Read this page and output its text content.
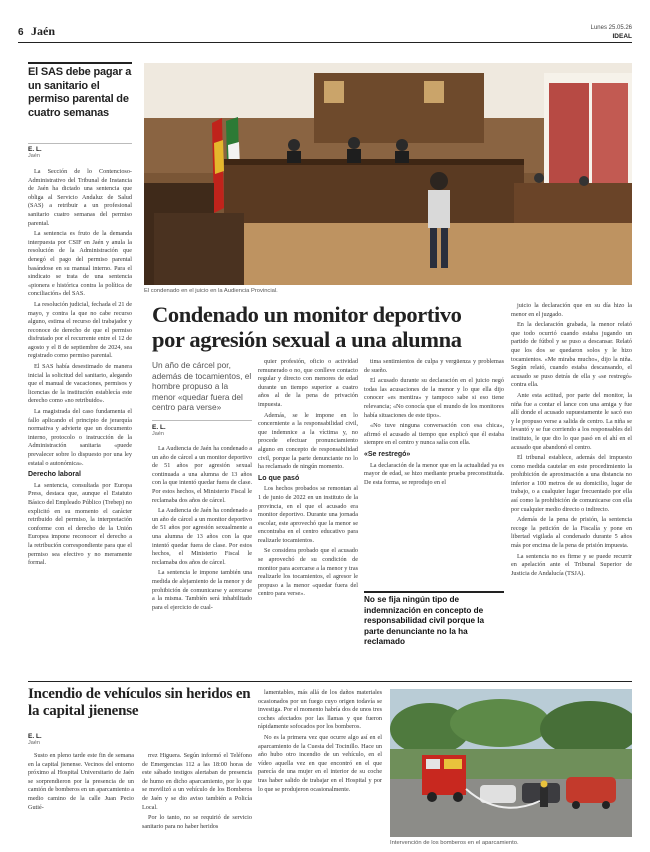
6 Jaén	Lunes 25.05.26
IDEAL
El SAS debe pagar a un sanitario el permiso parental de cuatro semanas
E. L.
Jaén

La Sección de lo Contencioso-Administrativo del Tribunal de Instancia de Jaén ha dictado una sentencia que obliga al Servicio Andaluz de Salud (SAS) a retribuir a un profesional sanitario cuatro semanas del permiso parental.

La sentencia es fruto de la demanda interpuesta por CSIF en Jaén y anula la resolución de la Administración que denegó el pago del permiso parental basándose en su manual interno. Para el sindicato se trata de una sentencia «pionera e histórica contra la política de conciliación» del SAS.

La resolución judicial, fechada el 21 de mayo, y contra la que no cabe recurso alguno, estima el recurso del trabajador y reconoce de derecho de que el permiso disfrutado por el recurrente entre el 12 de agosto y el 8 de septiembre de 2024, sea registrado como permiso parental.

El SAS había desestimado de manera inicial la solicitud del sanitario, alegando que el manual de vacaciones, permisos y licencias de la institución establecía este derecho como «no retribuido».

La magistrada del caso fundamenta el fallo aplicando el principio de jerarquía normativa y advierte que un documento interno, protocolo o instrucción de la Administración sanitaria «puede prevalecer sobre lo dispuesto por una ley estatal o autonómica».

Derecho laboral

La sentencia, consultada por Europa Press, destaca que, aunque el Estatuto Básico del Empleado Público (Trebep) no explicitó en su momento el carácter retribuido del permiso, la interpretación conforme con el derecho de la Unión Europea impone reconocer el derecho a la retribución correspondiente para que el permiso sea efectivo y no meramente formal.

El condenado en el juicio en la Audiencia Provincial.
Condenado un monitor deportivo
por agresión sexual a una alumna
Un año de cárcel por, además de tocamientos, el hombre propuso a la menor «quedar fuera del centro para verse»
E. L.
Jaén

La Audiencia de Jaén ha condenado a un año de cárcel a un monitor deportivo de 51 años por agresión sexual continuada a una alumna de 13 años con la que intentó quedar fuera de clase. Por estos hechos, el Ministerio Fiscal le reclamaba dos años de cárcel.

La Audiencia de Jaén ha condenado a un año de cárcel a un monitor deportivo de 51 años por agresión sexualmente a una alumna de 13 años con la que intentó quedar fuera de clase. Por estos hechos, el Ministerio Fiscal le reclamaba dos años de cárcel.

La sentencia le impone también una medida de alejamiento de la menor y de prohibición de comunicarse y acercarse a la misma. También será inhabilitado para el ejercicio de cual-

quier profesión, oficio o actividad remunerado o no, que conlleve contacto regular y directo con menores de edad durante un tiempo superior a cuatro años al de la pena de privación impuesta.

Además, se le impone en lo concerniente a la responsabilidad civil, que indemnice a la víctima y, no procede efectuar pronunciamiento alguno en concepto de responsabilidad civil, porque la parte denunciante no lo ha reclamado de ningún momento.

Lo que pasó

Los hechos probados se remontan al 1 de junio de 2022 en un instituto de la provincia, en el que el acusado era monitor deportivo. Durante una jornada escolar, este aprovechó que la menor se encontraba en el centro educativo para realizarle tocamientos.

Se considera probado que el acusado se aprovechó de su condición de monitor para acercarse a la menor y tras realizarle los tocamientos, el agresor le propuso a la menor «quedar fuera del centro para verse».

tima sentimientos de culpa y vergüenza y problemas de sueño.

El acusado durante su declaración en el juicio negó todas las acusaciones de la menor y lo que ella dijo conocer «es mentira» y tampoco sabe si eso tiene relevancia; «No conocía que el mundo de los monitores había situaciones de este tipo».

«No tuve ninguna conversación con esa chica», afirmó el acusado al tiempo que explicó que él estaba siempre en el centro y nunca salía con ella.

«Se restregó»

La declaración de la menor que en la actualidad ya es mayor de edad, se hizo mediante prueba preconstituida. De esta forma, se reprodujo en el

No se fija ningún tipo de indemnización en concepto de responsabilidad civil porque la parte denunciante no la ha reclamado

juicio la declaración que en su día hizo la menor en el juzgado.

En la declaración grabada, la menor relató que todo ocurrió cuando estaba jugando un partido de fútbol y se puso a descansar. Relató que los dos se quedaron solos y le hizo tocamientos. «Me miraba mucho», dijo la niña. Según relató, cuando estaba descansando, el acusado se puso detrás de ella y «se restregó» contra ella.

Ante esta actitud, por parte del monitor, la niña fue a contar el lance con una amiga y fue allí donde el acusado supuestamente le sacó eso y le propuso verse a salida de centro. La niña se levantó y se fue corriendo a los responsables del instituto, le que dio lo que pasó en el ahí en el acusado que abandonó el centro.

El tribunal establece, además del impuesto como medida cautelar en este procedimiento la prohibición de aproximación a una distancia no inferior a 100 metros de su domicilio, lugar de trabajo, o a cualquier lugar frecuentado por ella así como la prohibición de comunicarse con ella por cualquier medio directo o indirecto.

Además de la pena de prisión, la sentencia recoge la petición de la Fiscalía y pone en libertad vigilada al condenado durante 5 años más por encima de la pena de prisión impuesta.

La sentencia no es firme y se puede recurrir en apelación ante el Tribunal Superior de Justicia de Andalucía (TSJA).

Incendio de vehículos sin heridos en la capital jienense
E. L.
Jaén

Susto en pleno tarde este fin de semana en la capital jienense. Vecinos del entorno próximo al Hospital Universitario de Jaén se sorprendieron por la presencia de un camión de bomberos en un aparcamiento a medio camino de la calle Juan Pecio Gutié-

rrez Higuera. Según informó el Teléfono de Emergencias 112 a las 18:00 horas de este sábado testigos alertaban de presencia de humo en dicho aparcamiento, por lo que se movilizó a un vehículo de los Bomberos de Jaén y se dio aviso también a Policía Local.

Por lo tanto, no se requirió de servicio sanitario para no haber heridos

lamentables, más allá de los daños materiales ocasionados por un fuego cuyo origen todavía se investiga. Por el momento habría dos de unos tres coches afectados por las llamas y que fueron rápidamente sofocados por los bomberos.

No es la primera vez que ocurre algo así en el aparcamiento de la Cuesta del Tocinillo. Hace un año hubo otro incendio de un vehículo, en el vídeo aquella vez en que encontró en el que parecía de una mujer en el interior de su coche tras haber salido de trabajar en el Hospital y por lo que se produjeron ocasionalmente.

Intervención de los bomberos en el aparcamiento.
